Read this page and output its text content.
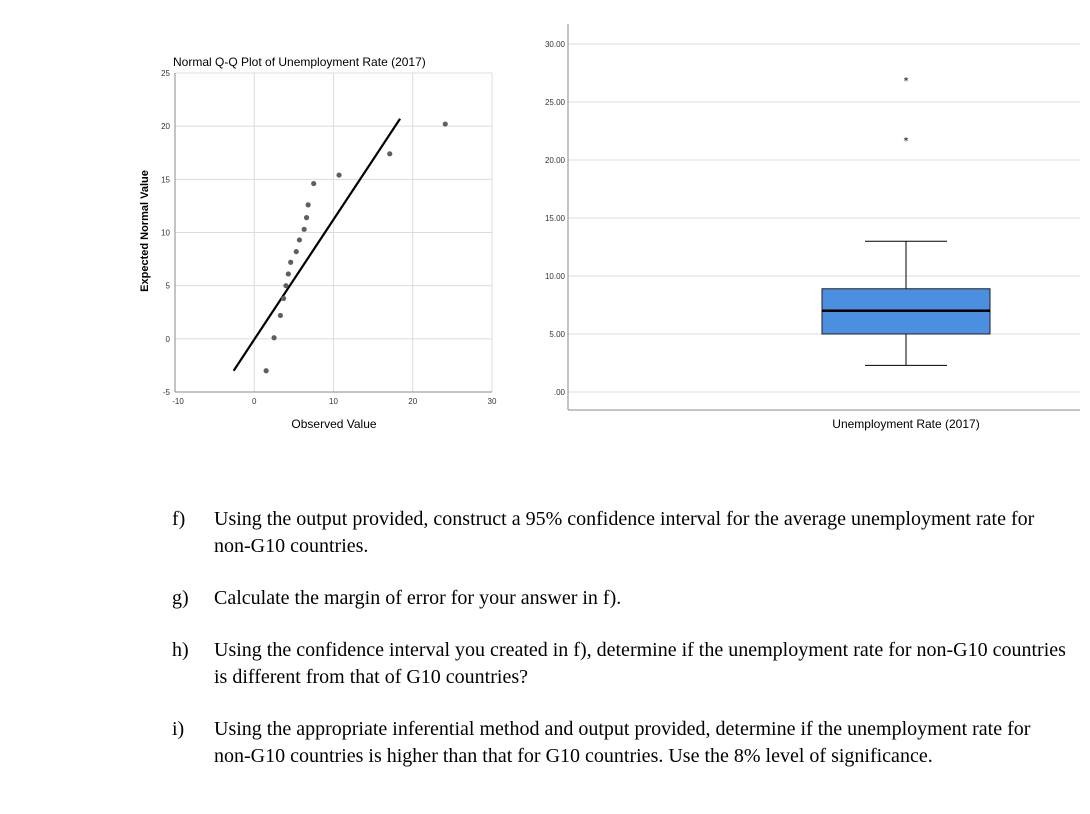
Normal Q-Q Plot of Unemployment Rate (2017)
-10	0	10	20	30
-5
0
5
10
15
20
25
Observed Value
Expected Normal Value
.00
5.00
10.00
15.00
20.00
25.00
30.00
*
*
Unemployment Rate (2017)
f)	Using the output provided, construct a 95% confidence interval for the average unemployment rate for non-G10 countries.
g)	Calculate the margin of error for your answer in f).
h)	Using the confidence interval you created in f), determine if the unemployment rate for non-G10 countries is different from that of G10 countries?
i)	Using the appropriate inferential method and output provided, determine if the unemployment rate for non-G10 countries is higher than that for G10 countries. Use the 8% level of significance.
